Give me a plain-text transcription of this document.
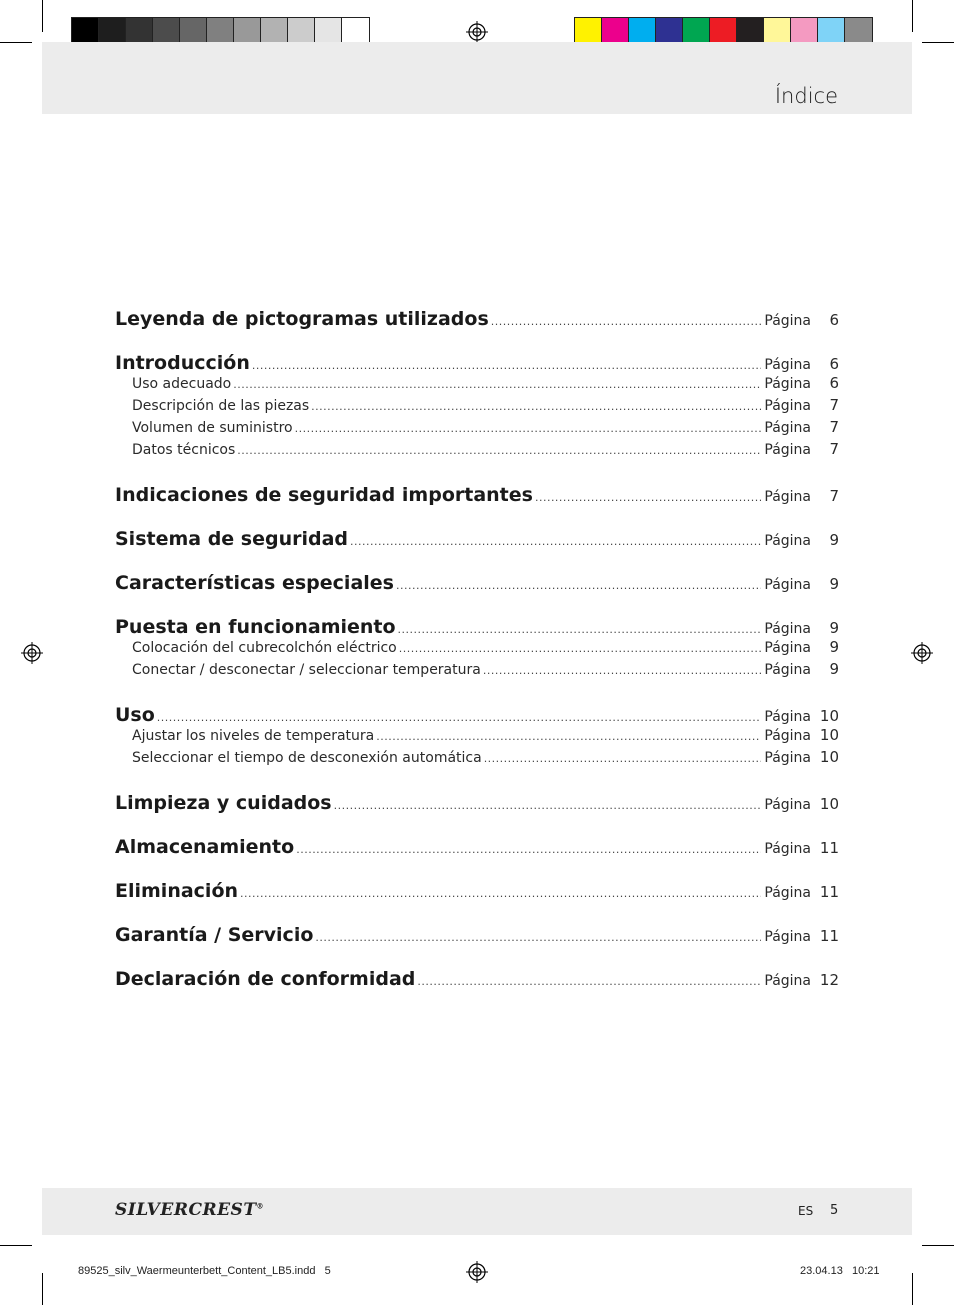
Índice
Leyenda de pictogramas utilizados .....	Página	6
Introducción .....	Página	6
Uso adecuado .....	Página	6
Descripción de las piezas .....	Página	7
Volumen de suministro .....	Página	7
Datos técnicos .....	Página	7
Indicaciones de seguridad importantes .....	Página	7
Sistema de seguridad .....	Página	9
Características especiales .....	Página	9
Puesta en funcionamiento .....	Página	9
Colocación del cubrecolchón eléctrico .....	Página	9
Conectar / desconectar / seleccionar temperatura .....	Página	9
Uso .....	Página 10
Ajustar los niveles de temperatura .....	Página 10
Seleccionar el tiempo de desconexión automática .....	Página 10
Limpieza y cuidados .....	Página 10
Almacenamiento .....	Página 11
Eliminación .....	Página 11
Garantía / Servicio .....	Página 11
Declaración de conformidad .....	Página 12
SILVERCREST®	ES 5
89525_silv_Waermeunterbett_Content_LB5.indd   5	23.04.13   10:21
